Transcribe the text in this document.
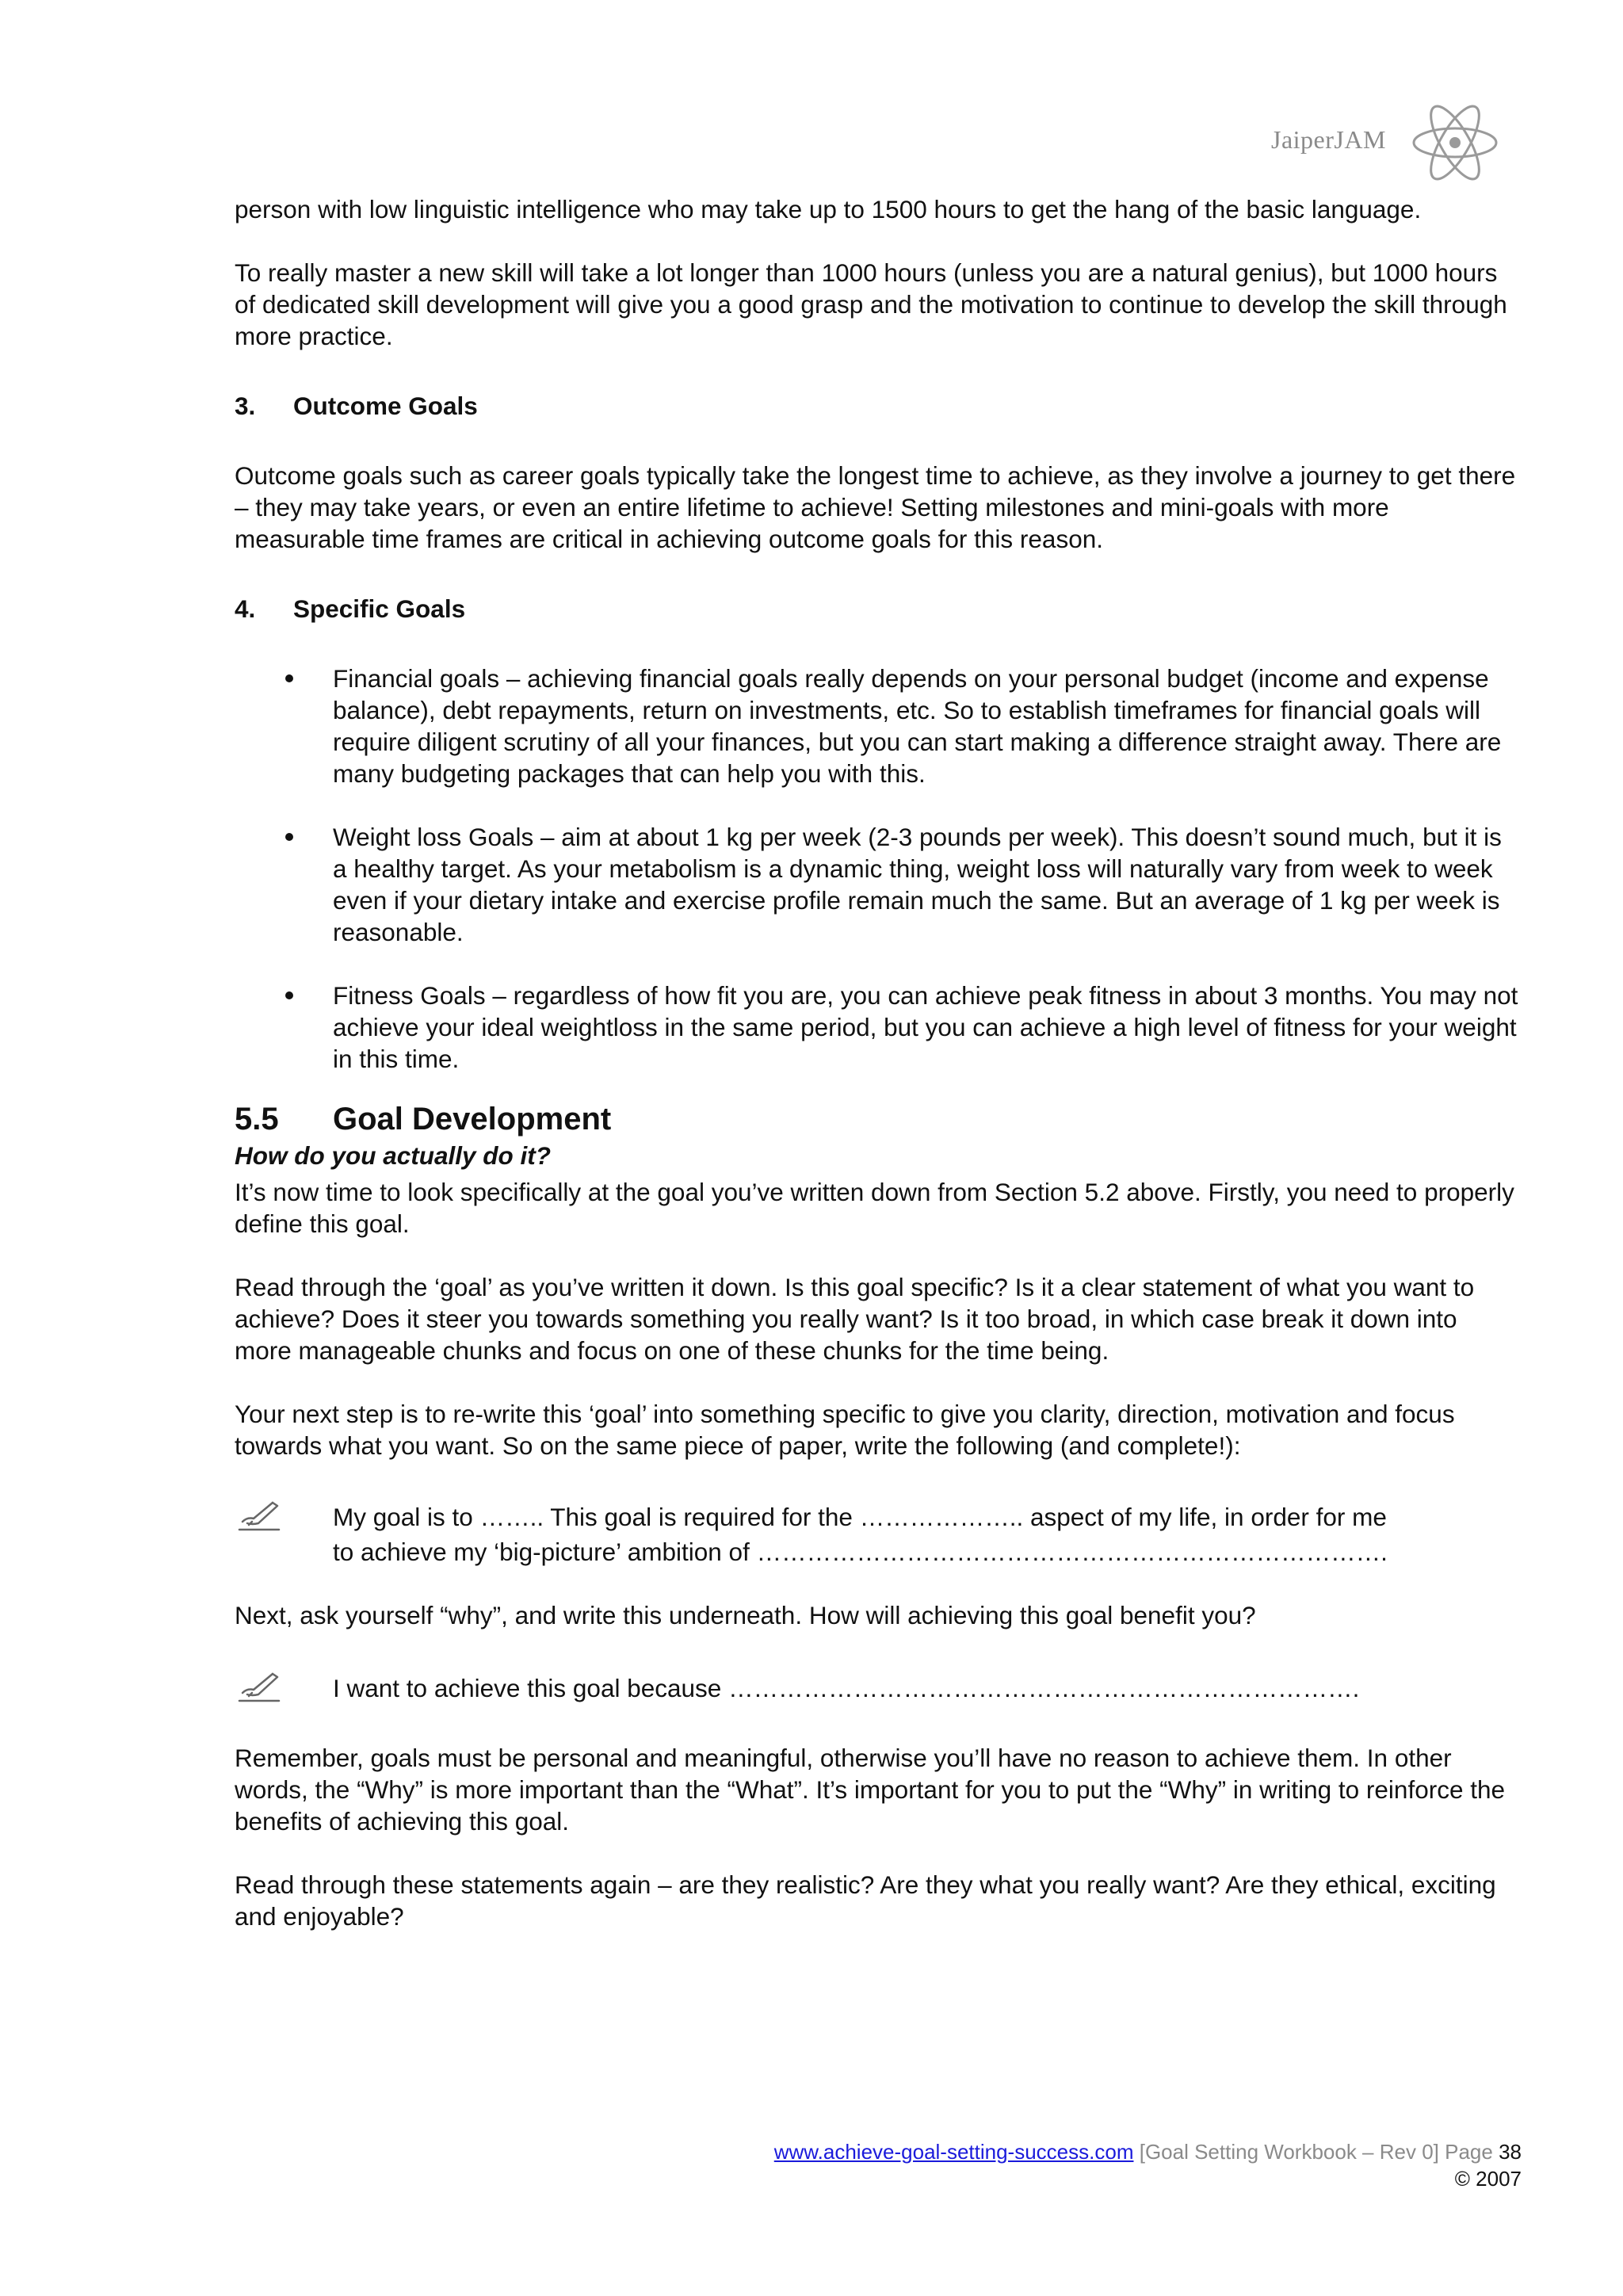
JaiperJAM

person with low linguistic intelligence who may take up to 1500 hours to get the hang of the basic language.

To really master a new skill will take a lot longer than 1000 hours (unless you are a natural genius), but 1000 hours of dedicated skill development will give you a good grasp and the motivation to continue to develop the skill through more practice.

3.	Outcome Goals

Outcome goals such as career goals typically take the longest time to achieve, as they involve a journey to get there – they may take years, or even an entire lifetime to achieve! Setting milestones and mini-goals with more measurable time frames are critical in achieving outcome goals for this reason.

4.	Specific Goals
Financial goals – achieving financial goals really depends on your personal budget (income and expense balance), debt repayments, return on investments, etc. So to establish timeframes for financial goals will require diligent scrutiny of all your finances, but you can start making a difference straight away. There are many budgeting packages that can help you with this.
Weight loss Goals – aim at about 1 kg per week (2-3 pounds per week). This doesn’t sound much, but it is a healthy target. As your metabolism is a dynamic thing, weight loss will naturally vary from week to week even if your dietary intake and exercise profile remain much the same. But an average of 1 kg per week is reasonable.
Fitness Goals – regardless of how fit you are, you can achieve peak fitness in about 3 months. You may not achieve your ideal weightloss in the same period, but you can achieve a high level of fitness for your weight in this time.
5.5	Goal Development

How do you actually do it?

It’s now time to look specifically at the goal you’ve written down from Section 5.2 above. Firstly, you need to properly define this goal.

Read through the ‘goal’ as you’ve written it down. Is this goal specific? Is it a clear statement of what you want to achieve? Does it steer you towards something you really want? Is it too broad, in which case break it down into more manageable chunks and focus on one of these chunks for the time being.

Your next step is to re-write this ‘goal’ into something specific to give you clarity, direction, motivation and focus towards what you want. So on the same piece of paper, write the following (and complete!):

My goal is to …….. This goal is required for the ……………….. aspect of my life, in order for me

to achieve my ‘big-picture’ ambition of ………………………………………………………………….

Next, ask yourself “why”, and write this underneath. How will achieving this goal benefit you?

I want to achieve this goal because ………………………………………………………………….

Remember, goals must be personal and meaningful, otherwise you’ll have no reason to achieve them. In other words, the “Why” is more important than the “What”. It’s important for you to put the “Why” in writing to reinforce the benefits of achieving this goal.

Read through these statements again – are they realistic? Are they what you really want? Are they ethical, exciting and enjoyable?

www.achieve-goal-setting-success.com [Goal Setting Workbook – Rev 0] Page 38
© 2007
